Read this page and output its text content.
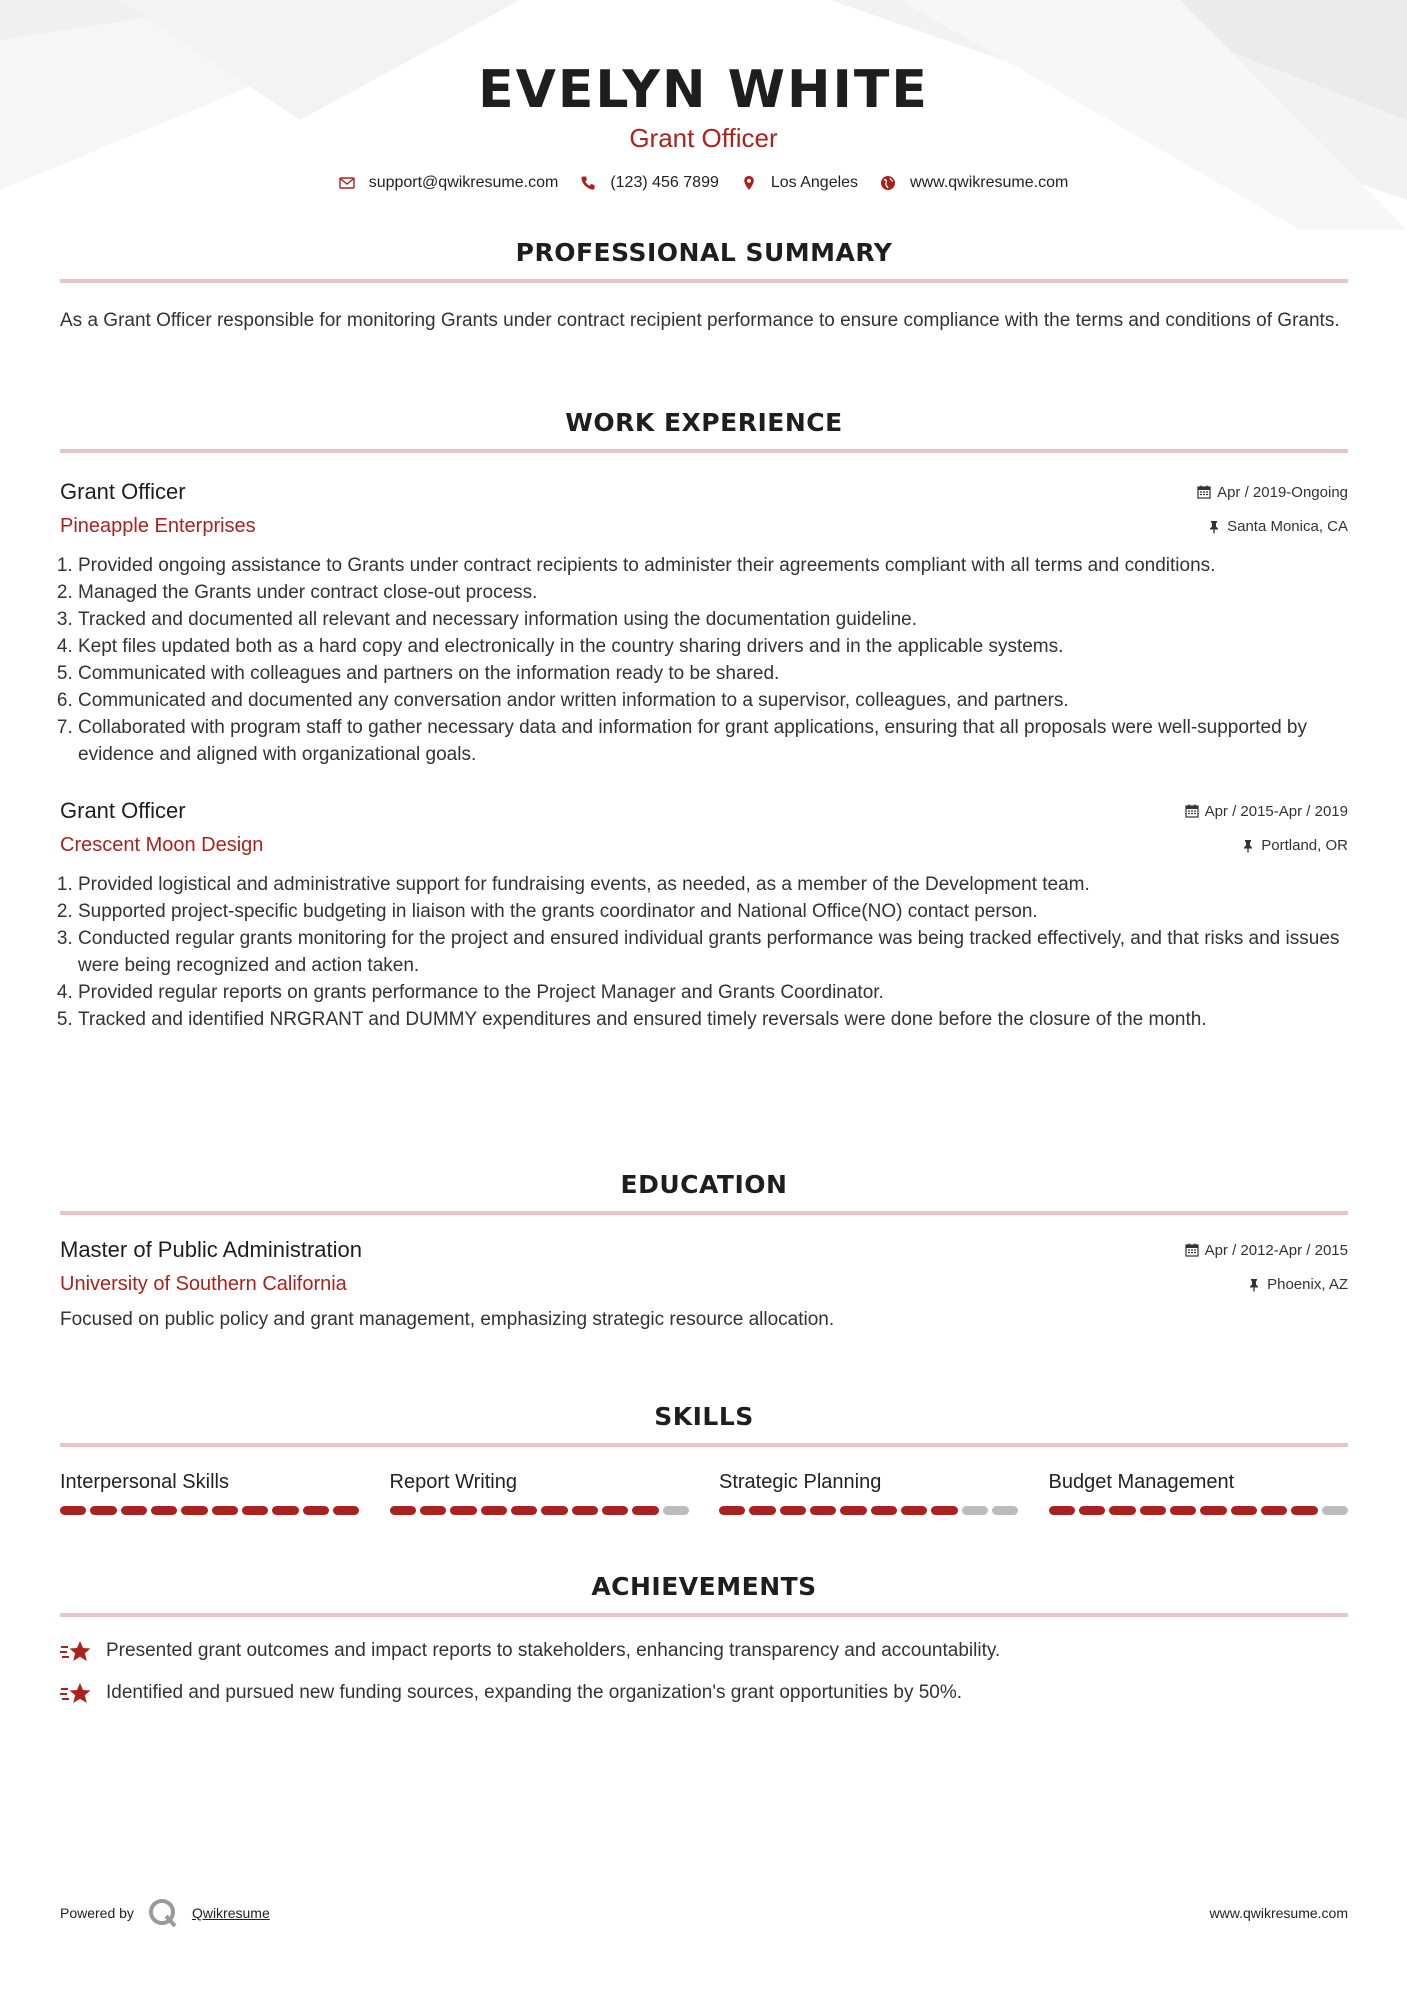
EVELYN WHITE
Grant Officer
support@qwikresume.com	(123) 456 7899	Los Angeles	www.qwikresume.com
PROFESSIONAL SUMMARY
As a Grant Officer responsible for monitoring Grants under contract recipient performance to ensure compliance with the terms and conditions of Grants.
WORK EXPERIENCE
Grant Officer	Apr / 2019-Ongoing
Pineapple Enterprises	Santa Monica, CA
1. Provided ongoing assistance to Grants under contract recipients to administer their agreements compliant with all terms and conditions.
2. Managed the Grants under contract close-out process.
3. Tracked and documented all relevant and necessary information using the documentation guideline.
4. Kept files updated both as a hard copy and electronically in the country sharing drivers and in the applicable systems.
5. Communicated with colleagues and partners on the information ready to be shared.
6. Communicated and documented any conversation andor written information to a supervisor, colleagues, and partners.
7. Collaborated with program staff to gather necessary data and information for grant applications, ensuring that all proposals were well-supported by evidence and aligned with organizational goals.
Grant Officer	Apr / 2015-Apr / 2019
Crescent Moon Design	Portland, OR
1. Provided logistical and administrative support for fundraising events, as needed, as a member of the Development team.
2. Supported project-specific budgeting in liaison with the grants coordinator and National Office(NO) contact person.
3. Conducted regular grants monitoring for the project and ensured individual grants performance was being tracked effectively, and that risks and issues were being recognized and action taken.
4. Provided regular reports on grants performance to the Project Manager and Grants Coordinator.
5. Tracked and identified NRGRANT and DUMMY expenditures and ensured timely reversals were done before the closure of the month.
EDUCATION
Master of Public Administration	Apr / 2012-Apr / 2015
University of Southern California	Phoenix, AZ
Focused on public policy and grant management, emphasizing strategic resource allocation.
SKILLS
Interpersonal Skills	Report Writing	Strategic Planning	Budget Management
ACHIEVEMENTS
Presented grant outcomes and impact reports to stakeholders, enhancing transparency and accountability.
Identified and pursued new funding sources, expanding the organization's grant opportunities by 50%.
Powered by	Qwikresume	www.qwikresume.com
